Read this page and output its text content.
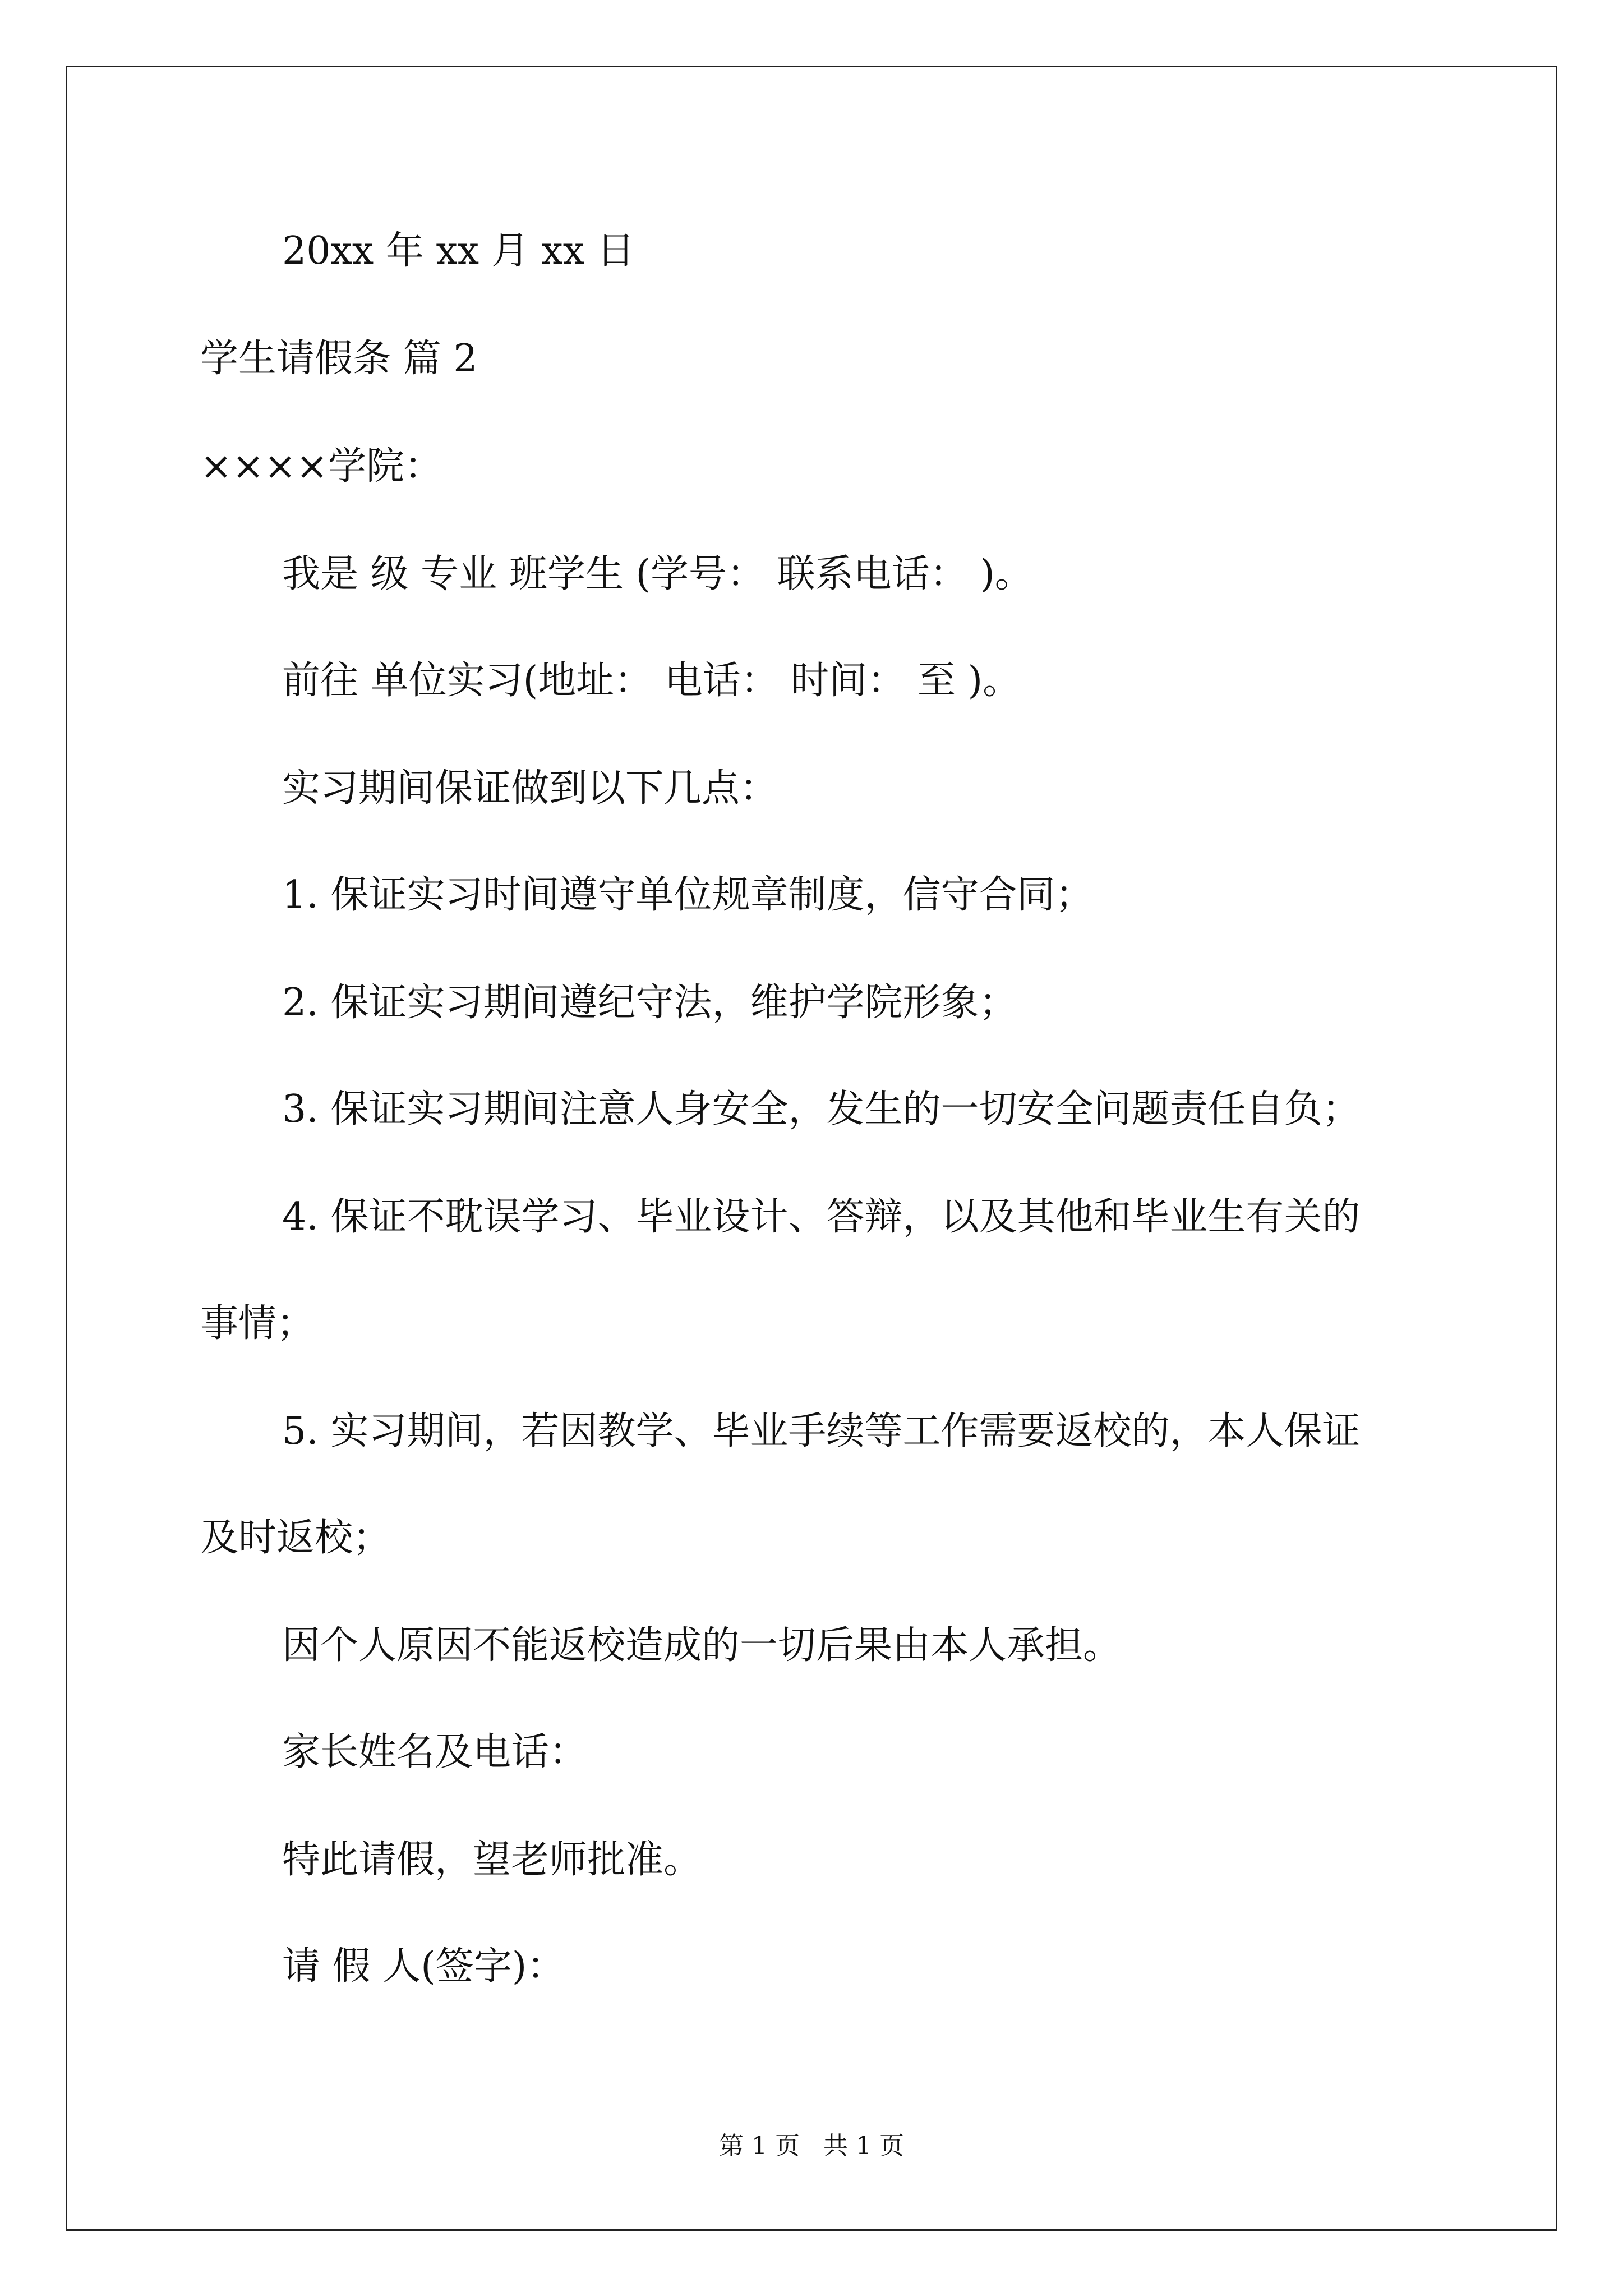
20xx 年 xx 月 xx 日
学生请假条 篇 2
××××学院：
我是 级 专业 班学生 (学号： 联系电话： )。
前往 单位实习(地址： 电话： 时间： 至 )。
实习期间保证做到以下几点：
1. 保证实习时间遵守单位规章制度，信守合同；
2. 保证实习期间遵纪守法，维护学院形象；
3. 保证实习期间注意人身安全，发生的一切安全问题责任自负；
4. 保证不耽误学习、毕业设计、答辩，以及其他和毕业生有关的
事情；
5. 实习期间，若因教学、毕业手续等工作需要返校的，本人保证
及时返校；
因个人原因不能返校造成的一切后果由本人承担。
家长姓名及电话：
特此请假，望老师批准。
请 假 人(签字)：
第 1 页   共 1 页
